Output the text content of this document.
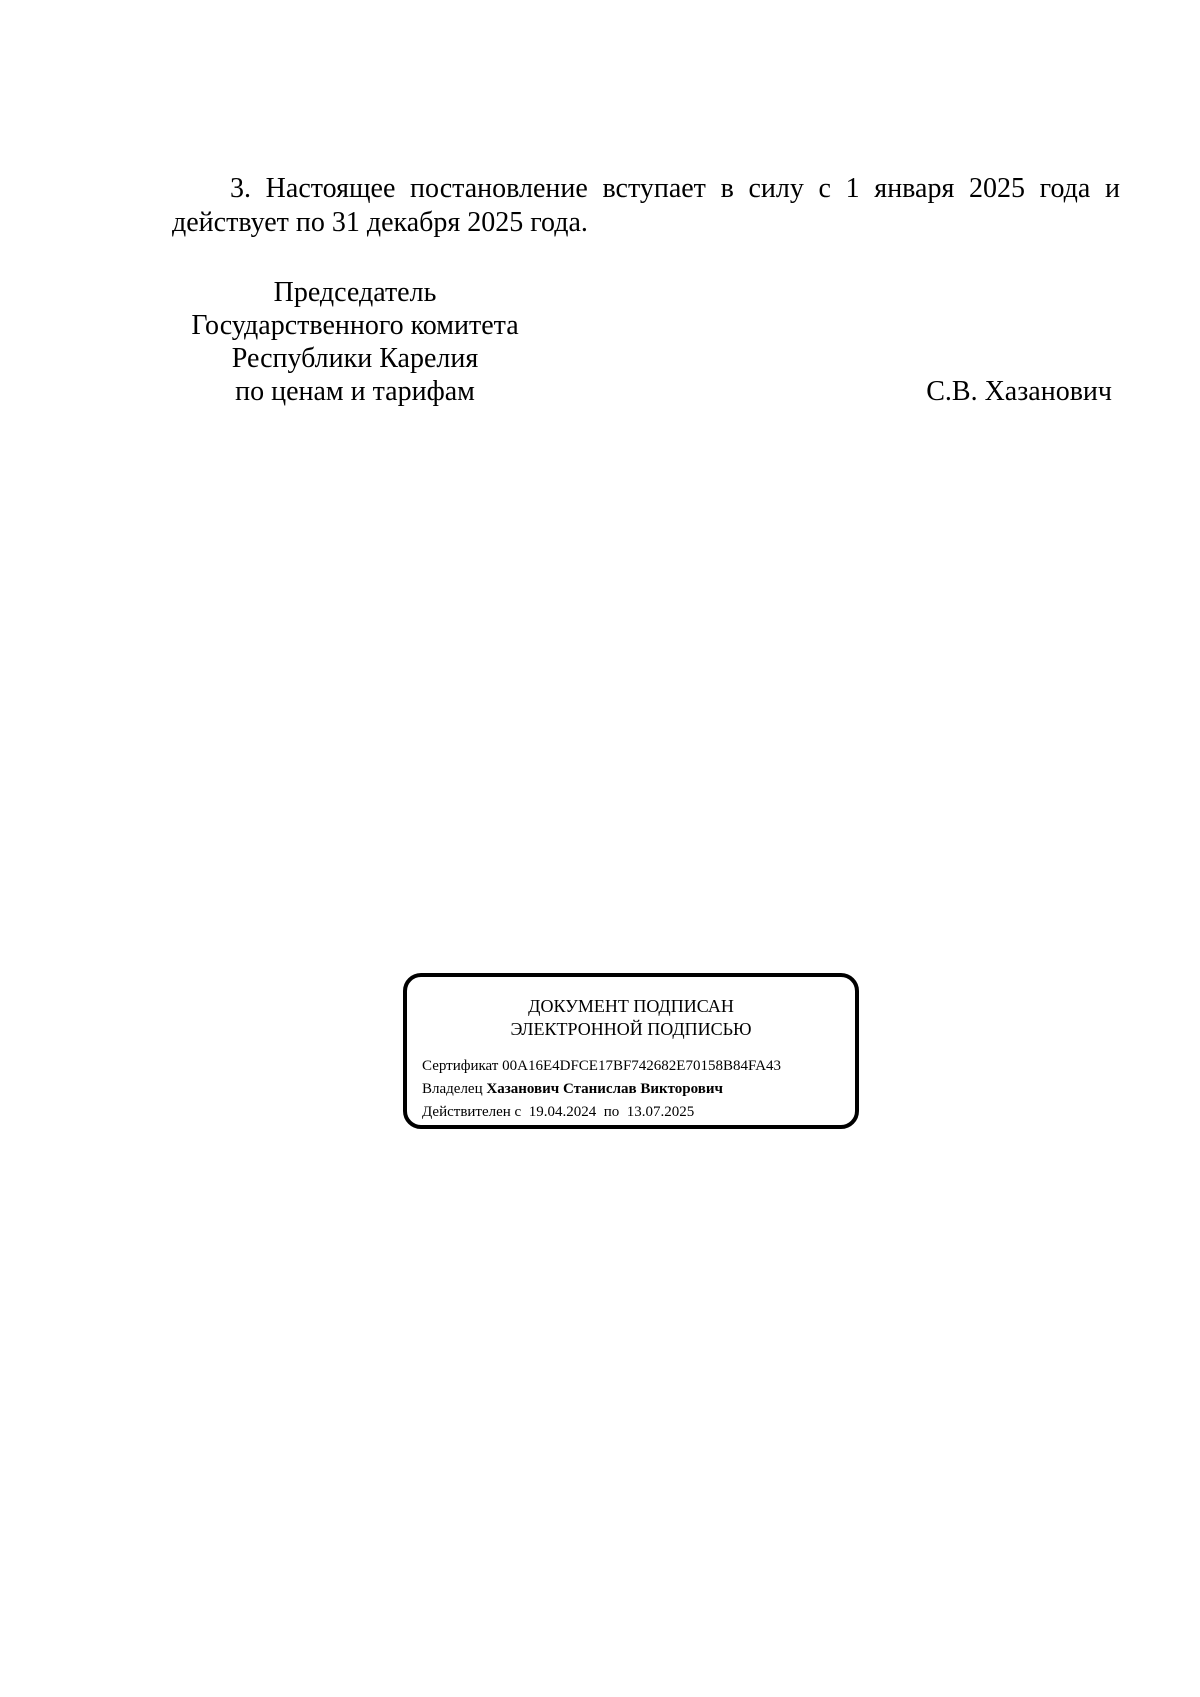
3. Настоящее постановление вступает в силу с 1 января 2025 года и
действует по 31 декабря 2025 года.
Председатель
Государственного комитета
Республики Карелия
по ценам и тарифам	С.В. Хазанович
ДОКУМЕНТ ПОДПИСАН
ЭЛЕКТРОННОЙ ПОДПИСЬЮ
Сертификат 00A16E4DFCE17BF742682E70158B84FA43
Владелец Хазанович Станислав Викторович
Действителен с 19.04.2024 по 13.07.2025
